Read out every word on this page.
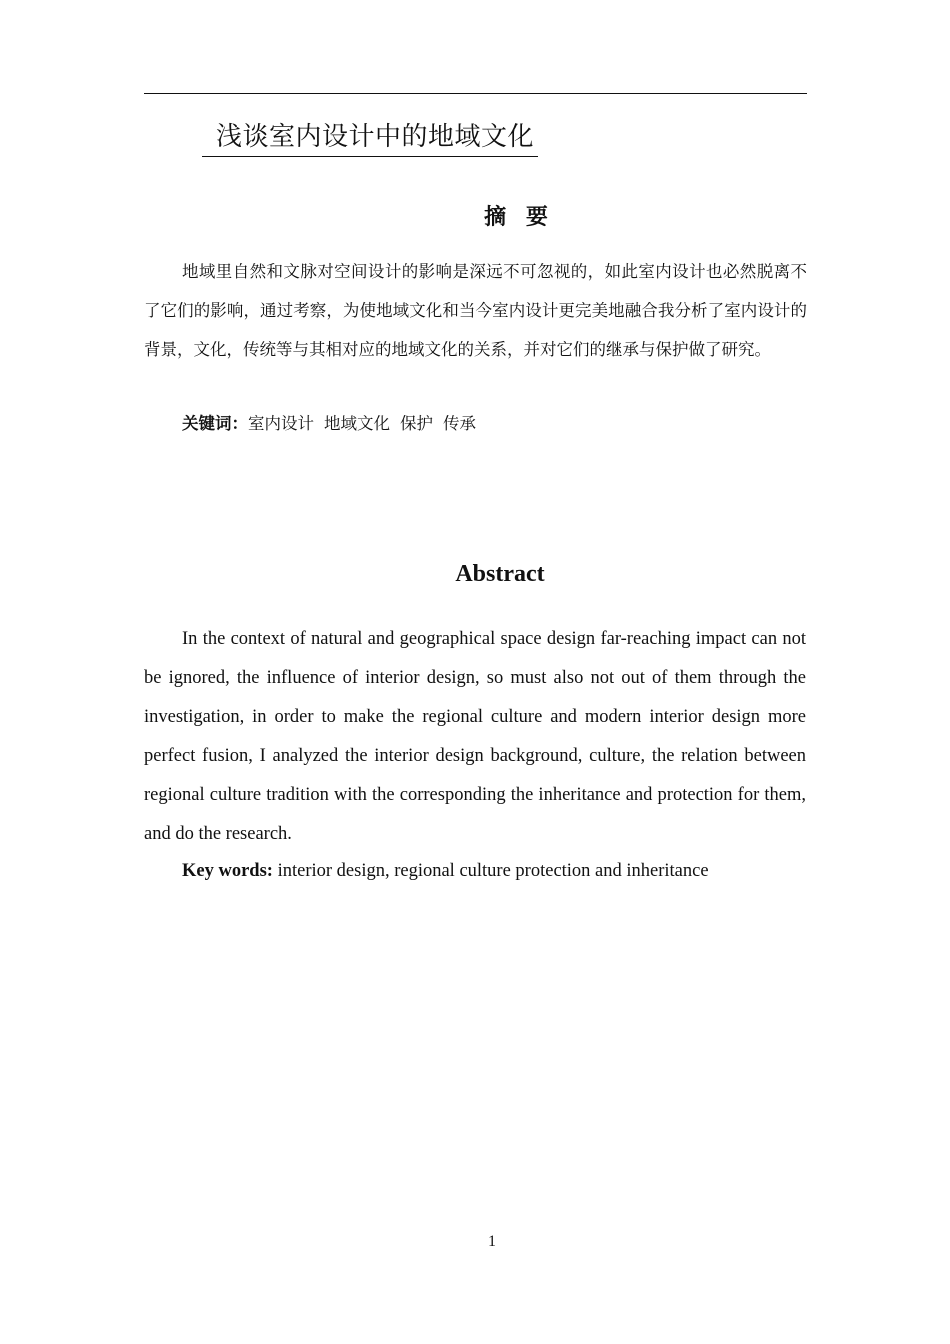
浅谈室内设计中的地域文化
摘 要

地域里自然和文脉对空间设计的影响是深远不可忽视的，如此室内设计也必然脱离不了它们的影响，通过考察，为使地域文化和当今室内设计更完美地融合我分析了室内设计的背景，文化，传统等与其相对应的地域文化的关系，并对它们的继承与保护做了研究。

关键词：室内设计 地域文化 保护 传承
Abstract

In the context of natural and geographical space design far-reaching impact can not be ignored, the influence of interior design, so must also not out of them through the investigation, in order to make the regional culture and modern interior design more perfect fusion, I analyzed the interior design background, culture, the relation between regional culture tradition with the corresponding the inheritance and protection for them, and do the research.

Key words: interior design, regional culture protection and inheritance
1
